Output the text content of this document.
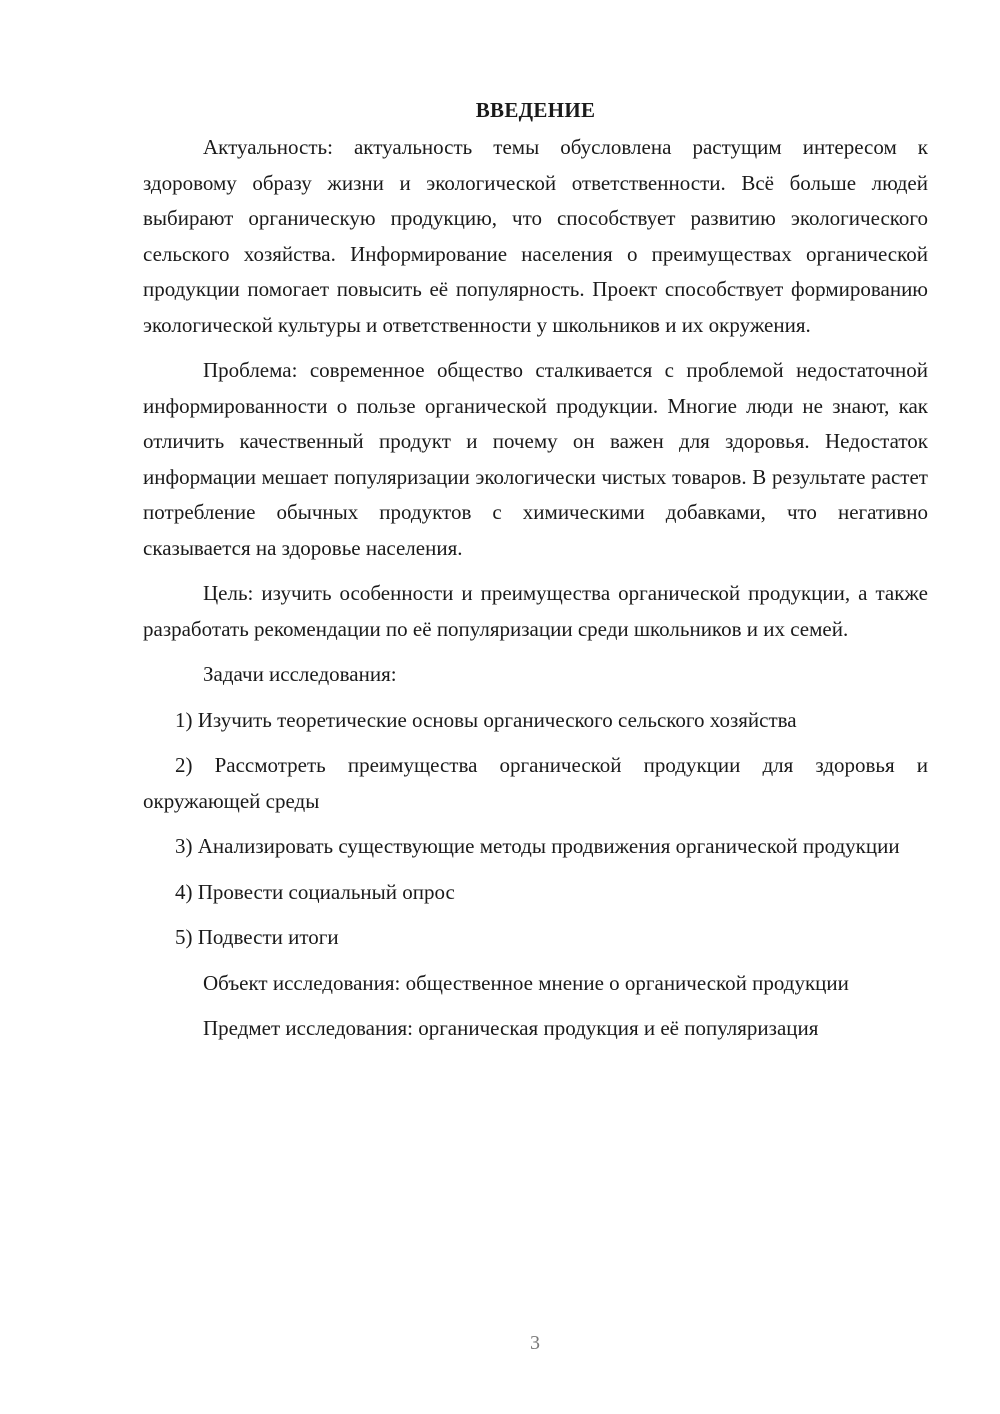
ВВЕДЕНИЕ

Актуальность: актуальность темы обусловлена растущим интересом к здоровому образу жизни и экологической ответственности. Всё больше людей выбирают органическую продукцию, что способствует развитию экологического сельского хозяйства. Информирование населения о преимуществах органической продукции помогает повысить её популярность. Проект способствует формированию экологической культуры и ответственности у школьников и их окружения.

Проблема: современное общество сталкивается с проблемой недостаточной информированности о пользе органической продукции. Многие люди не знают, как отличить качественный продукт и почему он важен для здоровья. Недостаток информации мешает популяризации экологически чистых товаров. В результате растет потребление обычных продуктов с химическими добавками, что негативно сказывается на здоровье населения.

Цель: изучить особенности и преимущества органической продукции, а также разработать рекомендации по её популяризации среди школьников и их семей.

Задачи исследования:

1) Изучить теоретические основы органического сельского хозяйства

2) Рассмотреть преимущества органической продукции для здоровья и окружающей среды

3) Анализировать существующие методы продвижения органической продукции

4) Провести социальный опрос

5) Подвести итоги

Объект исследования: общественное мнение о органической продукции

Предмет исследования: органическая продукция и её популяризация

3
